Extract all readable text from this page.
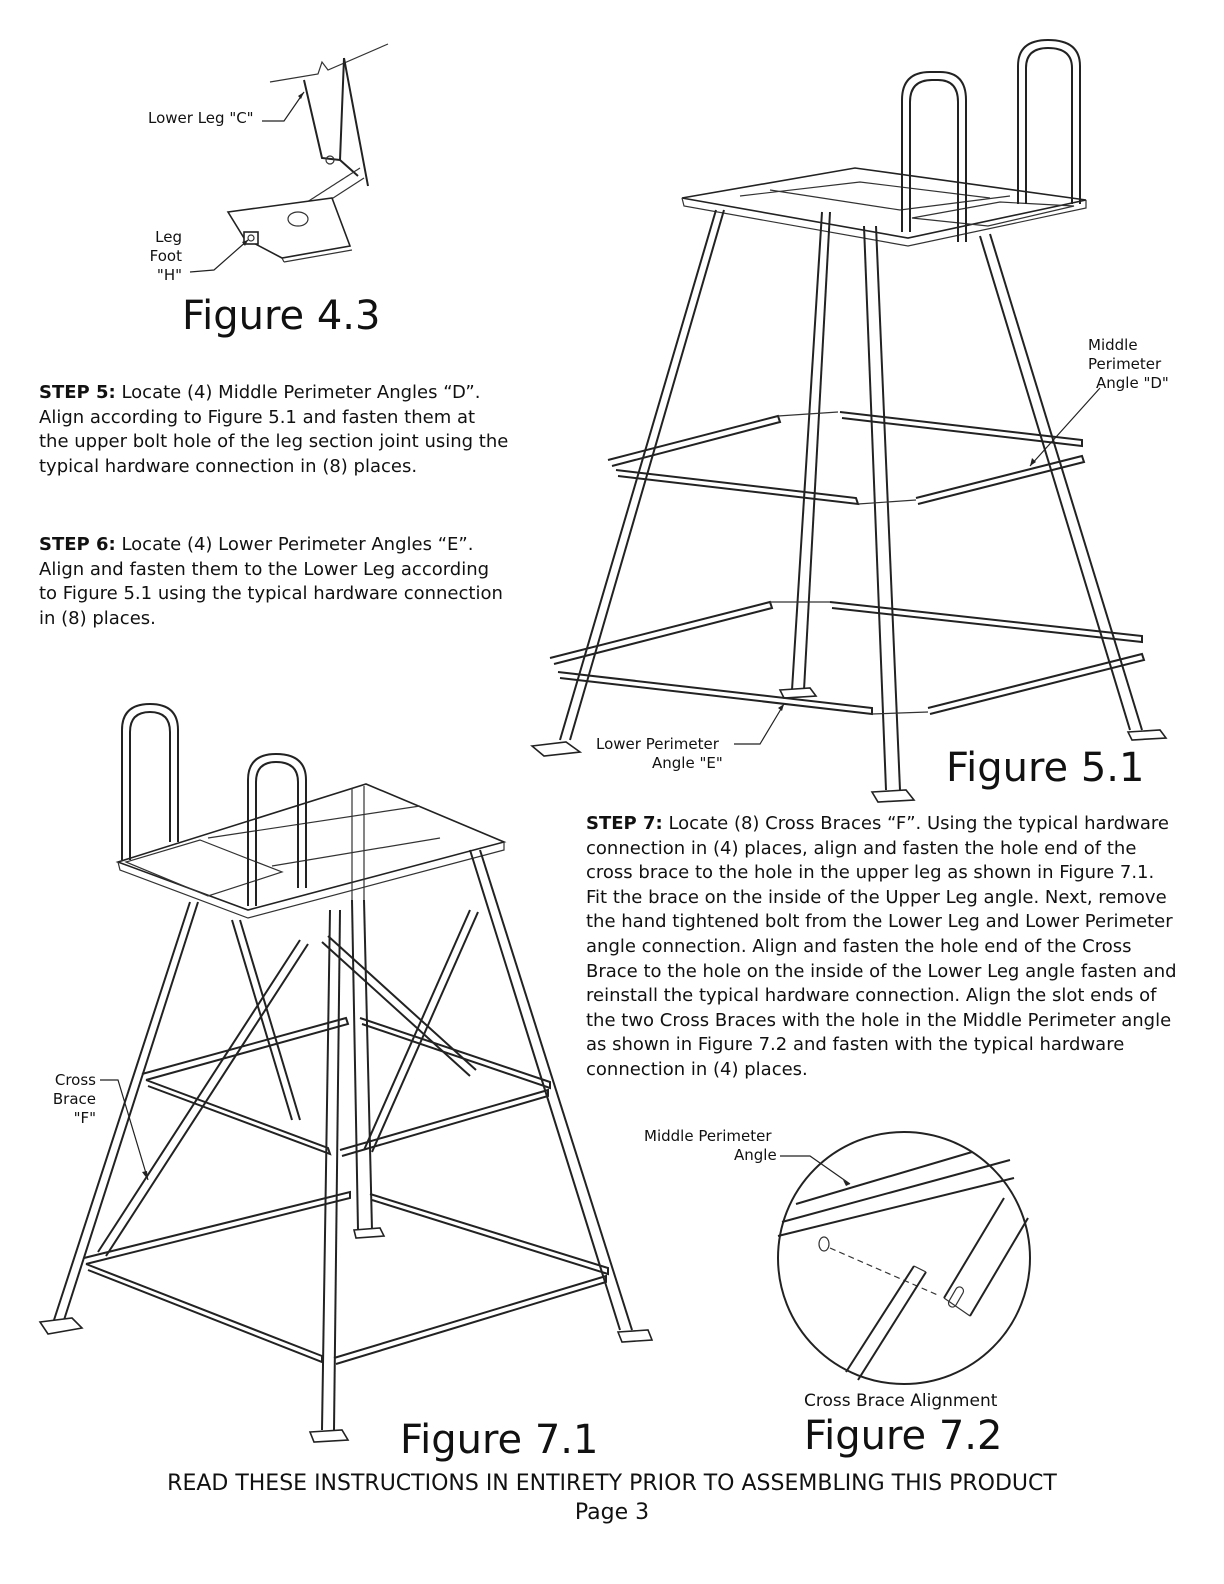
Lower Leg "C"
Leg
Foot
"H"
Figure 4.3
STEP 5: Locate (4) Middle Perimeter Angles “D”. Align according to Figure 5.1 and fasten them at the upper bolt hole of the leg section joint using the typical hardware connection in (8) places.
STEP 6: Locate (4) Lower Perimeter Angles “E”. Align and fasten them to the Lower Leg according to Figure 5.1 using the typical hardware connection in (8) places.
Middle
Perimeter
Angle "D"
Lower Perimeter
Angle "E"	Figure 5.1
STEP 7: Locate (8) Cross Braces “F”. Using the typical hardware connection in (4) places, align and fasten the hole end of the cross brace to the hole in the upper leg as shown in Figure 7.1. Fit the brace on the inside of the Upper Leg angle. Next, remove the hand tightened bolt from the Lower Leg and Lower Perimeter angle connection. Align and fasten the hole end of the Cross Brace to the hole on the inside of the Lower Leg angle fasten and reinstall the typical hardware connection. Align the slot ends of the two Cross Braces with the hole in the Middle Perimeter angle as shown in Figure 7.2 and fasten with the typical hardware connection in (4) places.
Cross
Brace
"F"
Figure 7.1
Middle Perimeter
Angle
Cross Brace Alignment
Figure 7.2
READ THESE INSTRUCTIONS IN ENTIRETY PRIOR TO ASSEMBLING THIS PRODUCT
Page 3
